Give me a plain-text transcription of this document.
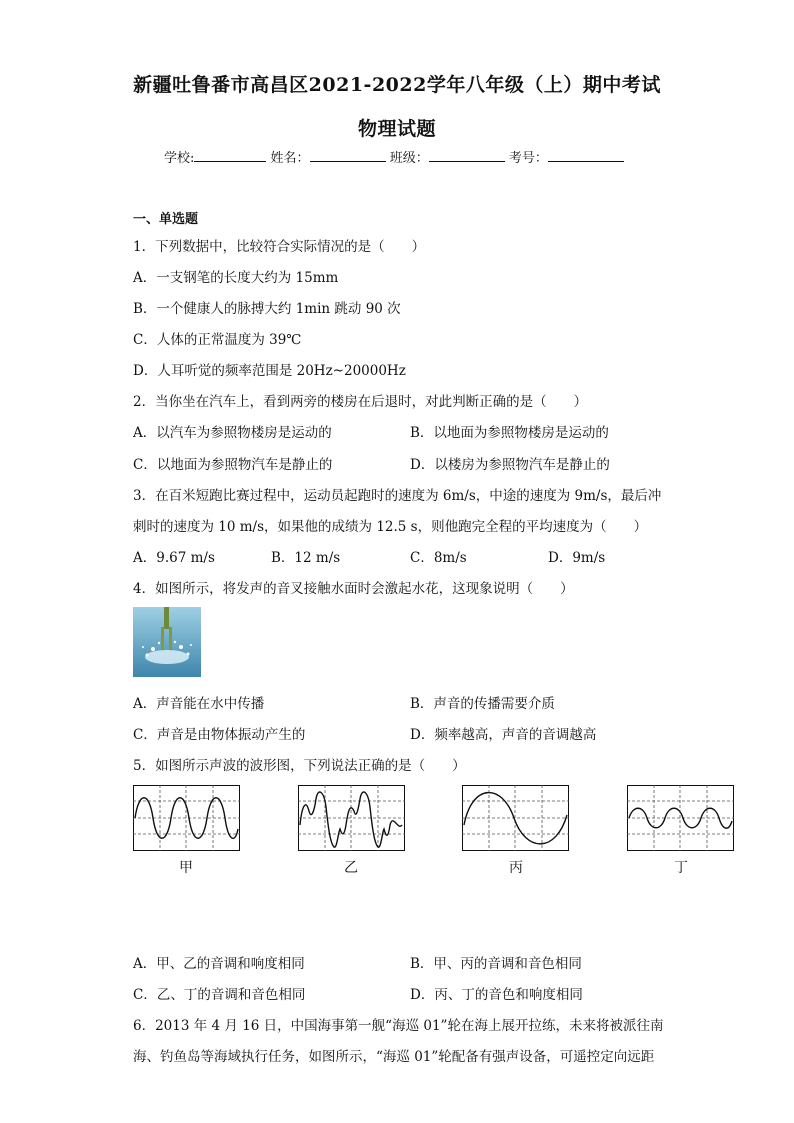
新疆吐鲁番市高昌区2021-2022学年八年级（上）期中考试
物理试题
学校:	姓名：	班级：	考号：
一、单选题
1．下列数据中，比较符合实际情况的是（　　）
A．一支钢笔的长度大约为 15mm
B．一个健康人的脉搏大约 1min 跳动 90 次
C．人体的正常温度为 39℃
D．人耳听觉的频率范围是 20Hz~20000Hz
2．当你坐在汽车上，看到两旁的楼房在后退时，对此判断正确的是（　　）
A．以汽车为参照物楼房是运动的	B．以地面为参照物楼房是运动的
C．以地面为参照物汽车是静止的	D．以楼房为参照物汽车是静止的
3．在百米短跑比赛过程中，运动员起跑时的速度为 6m/s，中途的速度为 9m/s，最后冲
刺时的速度为 10 m/s，如果他的成绩为 12.5 s，则他跑完全程的平均速度为（　　）
A．9.67 m/s	B．12 m/s	C．8m/s	D．9m/s
4．如图所示，将发声的音叉接触水面时会激起水花，这现象说明（　　）
A．声音能在水中传播	B．声音的传播需要介质
C．声音是由物体振动产生的	D．频率越高，声音的音调越高
5．如图所示声波的波形图，下列说法正确的是（　　）
甲	乙	丙	丁
A．甲、乙的音调和响度相同	B．甲、丙的音调和音色相同
C．乙、丁的音调和音色相同	D．丙、丁的音色和响度相同
6．2013 年 4 月 16 日，中国海事第一舰“海巡 01”轮在海上展开拉练，未来将被派往南
海、钓鱼岛等海域执行任务，如图所示，“海巡 01”轮配备有强声设备，可遥控定向远距
